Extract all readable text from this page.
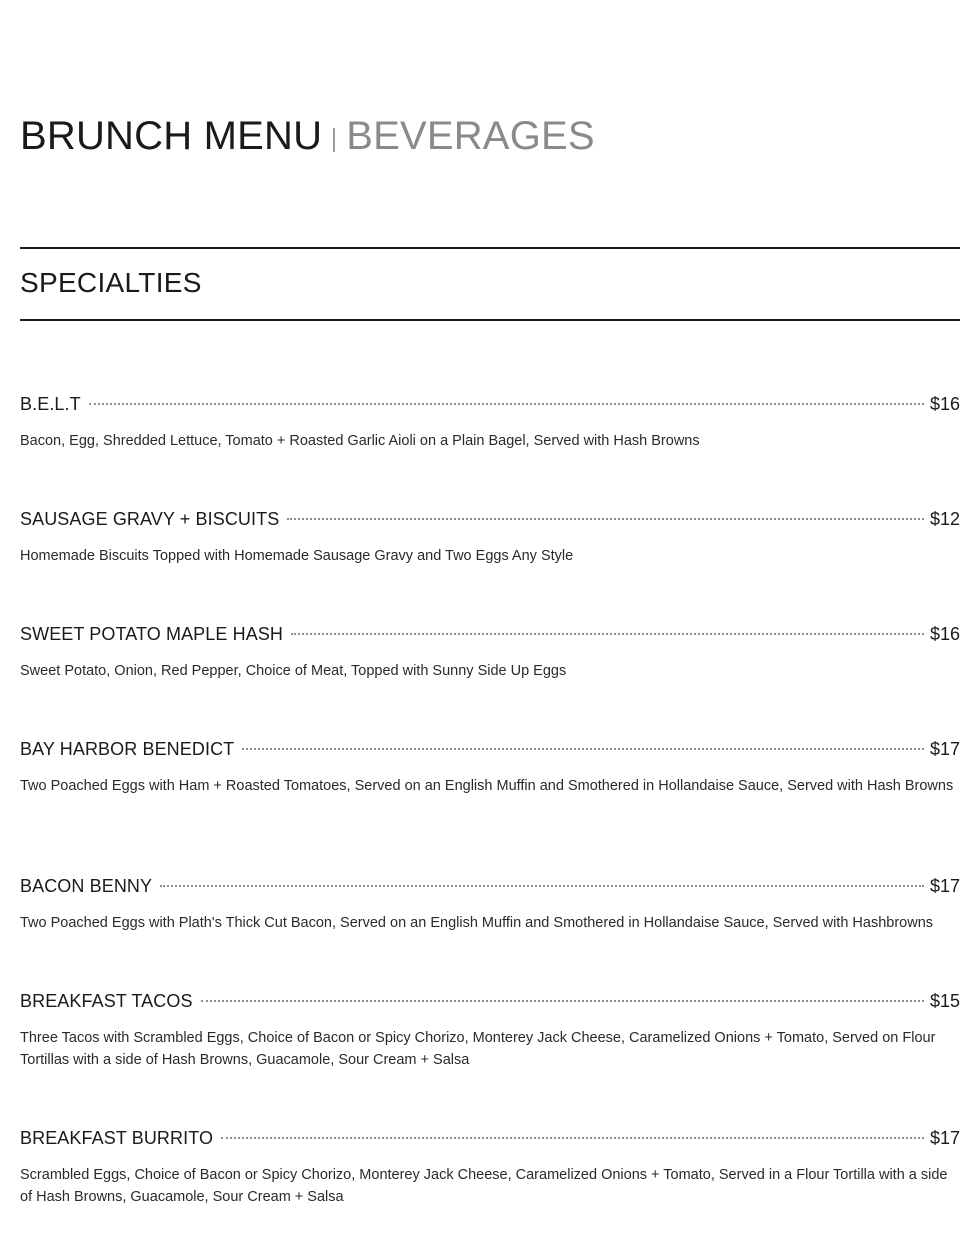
BRUNCH MENU BEVERAGES
SPECIALTIES
B.E.L.T	$16
Bacon, Egg, Shredded Lettuce, Tomato + Roasted Garlic Aioli on a Plain Bagel, Served with Hash Browns
SAUSAGE GRAVY + BISCUITS	$12
Homemade Biscuits Topped with Homemade Sausage Gravy and Two Eggs Any Style
SWEET POTATO MAPLE HASH	$16
Sweet Potato, Onion, Red Pepper, Choice of Meat, Topped with Sunny Side Up Eggs
BAY HARBOR BENEDICT	$17
Two Poached Eggs with Ham + Roasted Tomatoes, Served on an English Muffin and Smothered in Hollandaise Sauce, Served with Hash Browns
BACON BENNY	$17
Two Poached Eggs with Plath's Thick Cut Bacon, Served on an English Muffin and Smothered in Hollandaise Sauce, Served with Hashbrowns
BREAKFAST TACOS	$15
Three Tacos with Scrambled Eggs, Choice of Bacon or Spicy Chorizo, Monterey Jack Cheese, Caramelized Onions + Tomato, Served on Flour Tortillas with a side of Hash Browns, Guacamole, Sour Cream + Salsa
BREAKFAST BURRITO	$17
Scrambled Eggs, Choice of Bacon or Spicy Chorizo, Monterey Jack Cheese, Caramelized Onions + Tomato, Served in a Flour Tortilla with a side of Hash Browns, Guacamole, Sour Cream + Salsa
